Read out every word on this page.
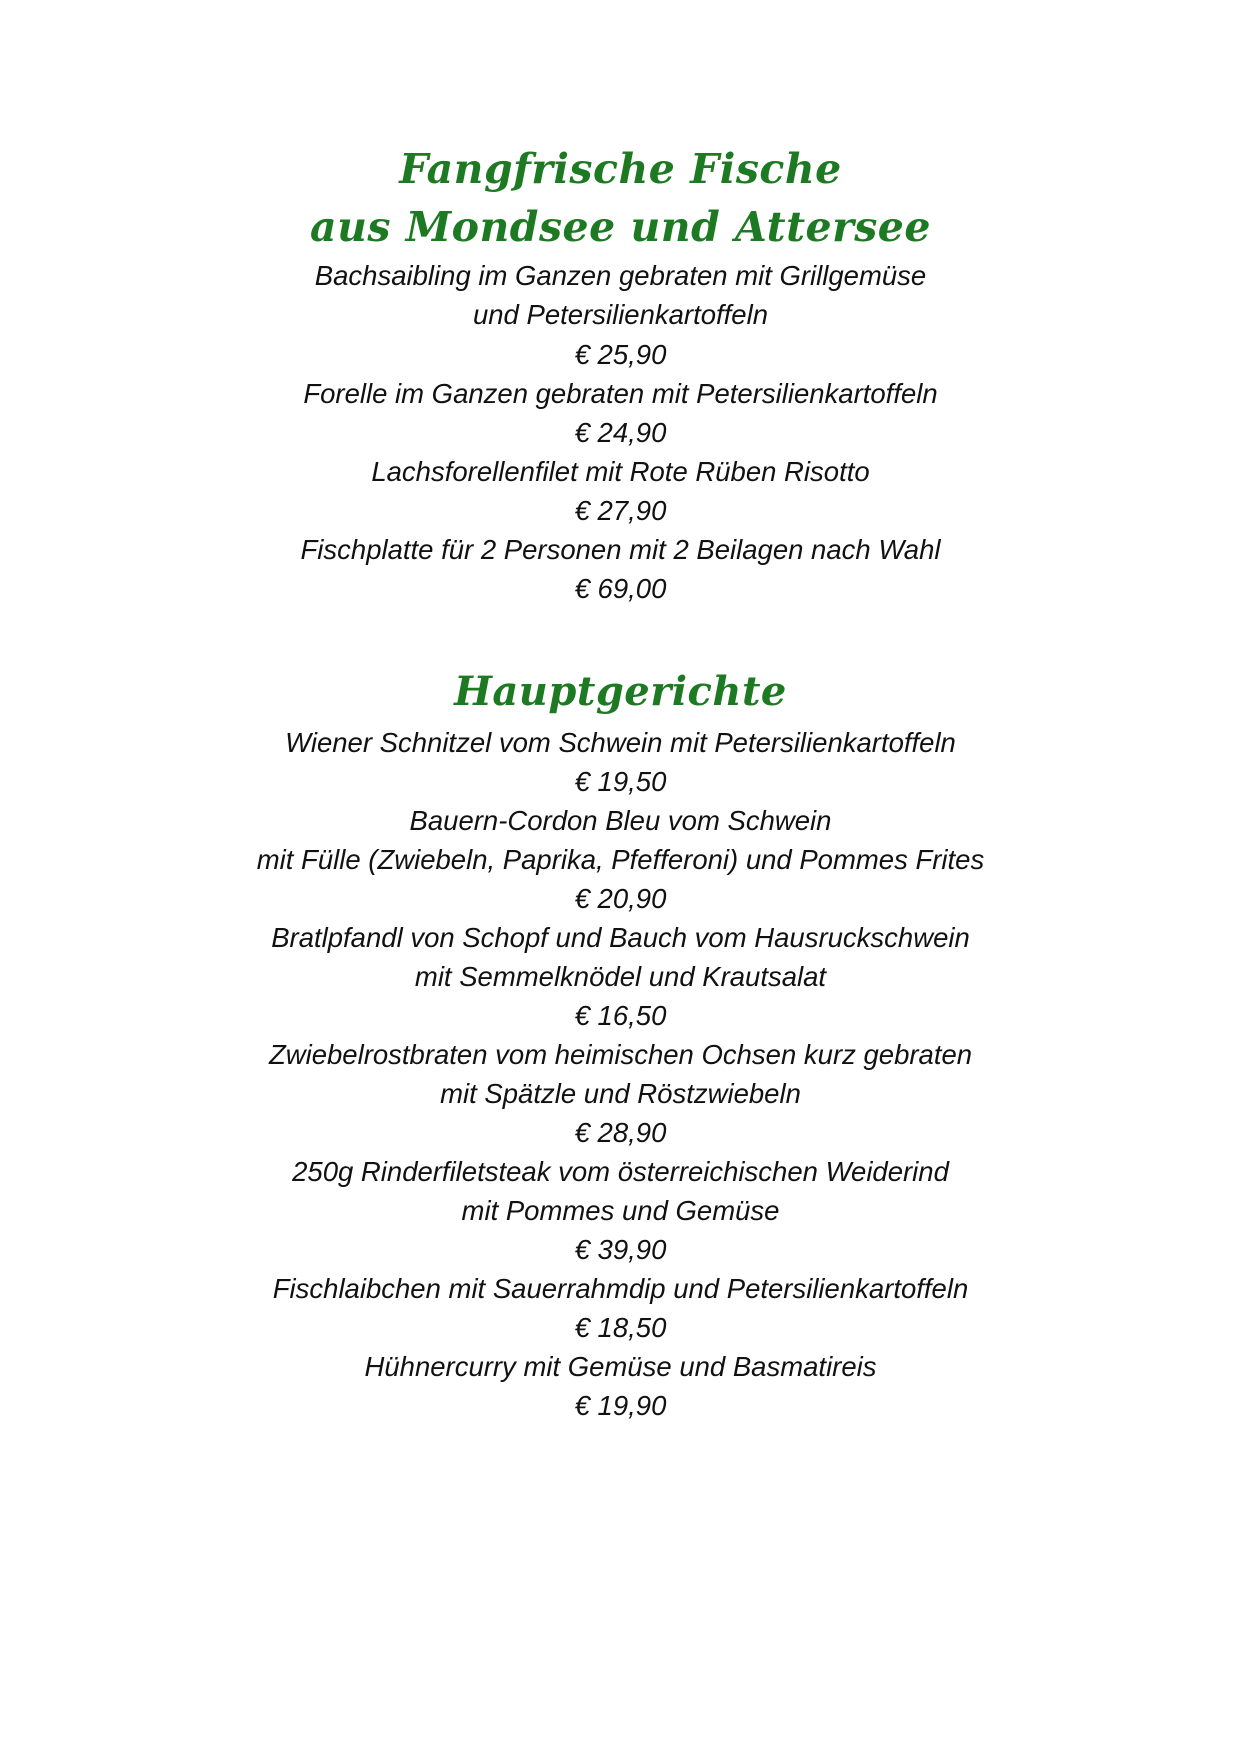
Fangfrische Fische
aus Mondsee und Attersee
Bachsaibling im Ganzen gebraten mit Grillgemüse
und Petersilienkartoffeln
€ 25,90
Forelle im Ganzen gebraten mit Petersilienkartoffeln
€ 24,90
Lachsforellenfilet mit Rote Rüben Risotto
€ 27,90
Fischplatte für 2 Personen mit 2 Beilagen nach Wahl
€ 69,00
Hauptgerichte
Wiener Schnitzel vom Schwein mit Petersilienkartoffeln
€ 19,50
Bauern-Cordon Bleu vom Schwein
mit Fülle (Zwiebeln, Paprika, Pfefferoni) und Pommes Frites
€ 20,90
Bratlpfandl von Schopf und Bauch vom Hausruckschwein
mit Semmelknödel und Krautsalat
€ 16,50
Zwiebelrostbraten vom heimischen Ochsen kurz gebraten
mit Spätzle und Röstzwiebeln
€ 28,90
250g Rinderfiletsteak vom österreichischen Weiderind
mit Pommes und Gemüse
€ 39,90
Fischlaibchen mit Sauerrahmdip und Petersilienkartoffeln
€ 18,50
Hühnercurry mit Gemüse und Basmatireis
€ 19,90
